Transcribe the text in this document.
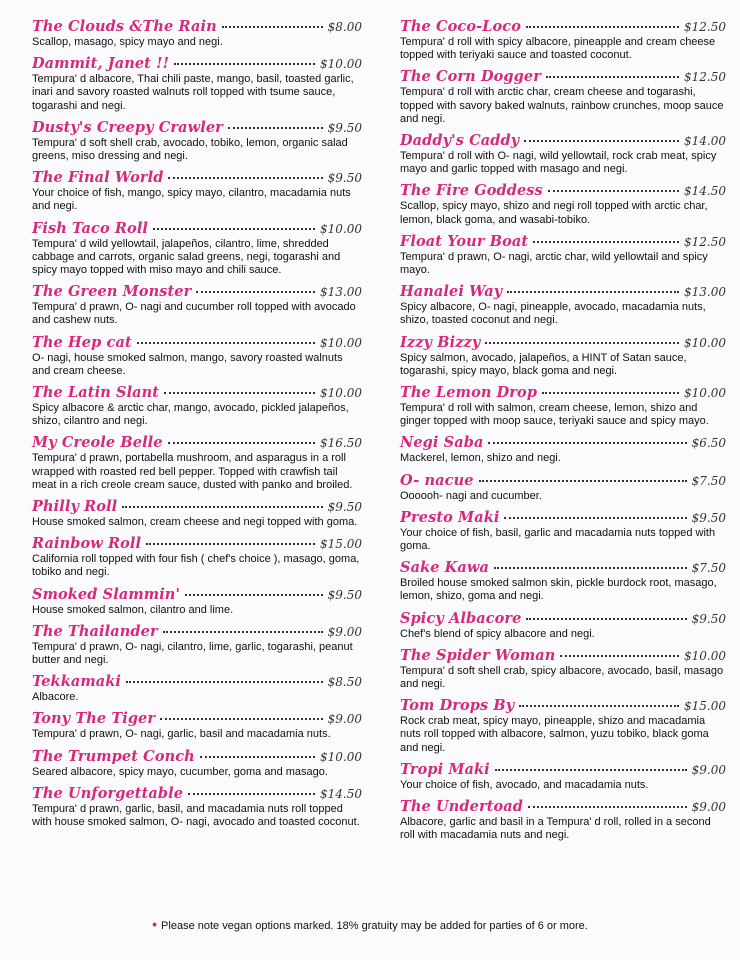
The Clouds &The Rain	$8.00
Scallop, masago, spicy mayo and negi.
Dammit, Janet !!	$10.00
Tempura' d albacore, Thai chili paste, mango, basil, toasted garlic, inari and savory roasted walnuts roll topped with tsume sauce, togarashi and negi.
Dusty's Creepy Crawler	$9.50
Tempura' d soft shell crab, avocado, tobiko, lemon, organic salad greens, miso dressing and negi.
The Final World	$9.50
Your choice of fish, mango, spicy mayo, cilantro, macadamia nuts and negi.
Fish Taco Roll	$10.00
Tempura' d wild yellowtail, jalapeños, cilantro, lime, shredded cabbage and carrots, organic salad greens, negi, togarashi and spicy mayo topped with miso mayo and chili sauce.
The Green Monster	$13.00
Tempura' d prawn, O- nagi and cucumber roll topped with avocado and cashew nuts.
The Hep cat	$10.00
O- nagi, house smoked salmon, mango, savory roasted walnuts and cream cheese.
The Latin Slant	$10.00
Spicy albacore & arctic char, mango, avocado, pickled jalapeños, shizo, cilantro and negi.
My Creole Belle	$16.50
Tempura' d prawn, portabella mushroom, and asparagus in a roll wrapped with roasted red bell pepper. Topped with crawfish tail meat in a rich creole cream sauce, dusted with panko and broiled.
Philly Roll	$9.50
House smoked salmon, cream cheese and negi topped with goma.
Rainbow Roll	$15.00
California roll topped with four fish ( chef's choice ), masago, goma, tobiko and negi.
Smoked Slammin'	$9.50
House smoked salmon, cilantro and lime.
The Thailander	$9.00
Tempura' d prawn, O- nagi, cilantro, lime, garlic, togarashi, peanut butter and negi.
Tekkamaki	$8.50
Albacore.
Tony The Tiger	$9.00
Tempura' d prawn, O- nagi, garlic, basil and macadamia nuts.
The Trumpet Conch	$10.00
Seared albacore, spicy mayo, cucumber, goma and masago.
The Unforgettable	$14.50
Tempura' d prawn, garlic, basil, and macadamia nuts roll topped with house smoked salmon, O- nagi, avocado and toasted coconut.
The Coco-Loco	$12.50
Tempura' d roll with spicy albacore, pineapple and cream cheese topped with teriyaki sauce and toasted coconut.
The Corn Dogger	$12.50
Tempura' d roll with arctic char, cream cheese and togarashi, topped with savory baked walnuts, rainbow crunches, moop sauce and negi.
Daddy's Caddy	$14.00
Tempura' d roll with O- nagi, wild yellowtail, rock crab meat, spicy mayo and garlic topped with masago and negi.
The Fire Goddess	$14.50
Scallop, spicy mayo, shizo and negi roll topped with arctic char, lemon, black goma, and wasabi-tobiko.
Float Your Boat	$12.50
Tempura' d prawn, O- nagi, arctic char, wild yellowtail and spicy mayo.
Hanalei Way	$13.00
Spicy albacore, O- nagi, pineapple, avocado, macadamia nuts, shizo, toasted coconut and negi.
Izzy Bizzy	$10.00
Spicy salmon, avocado, jalapeños, a HINT of Satan sauce, togarashi, spicy mayo, black goma and negi.
The Lemon Drop	$10.00
Tempura' d roll with salmon, cream cheese, lemon, shizo and ginger topped with moop sauce, teriyaki sauce and spicy mayo.
Negi Saba	$6.50
Mackerel, lemon, shizo and negi.
O- nacue	$7.50
Oooooh- nagi and cucumber.
Presto Maki	$9.50
Your choice of fish, basil, garlic and macadamia nuts topped with goma.
Sake Kawa	$7.50
Broiled house smoked salmon skin, pickle burdock root, masago, lemon, shizo, goma and negi.
Spicy Albacore	$9.50
Chef's blend of spicy albacore and negi.
The Spider Woman	$10.00
Tempura' d soft shell crab, spicy albacore, avocado, basil, masago and negi.
Tom Drops By	$15.00
Rock crab meat, spicy mayo, pineapple, shizo and macadamia nuts roll topped with albacore, salmon, yuzu tobiko, black goma and negi.
Tropi Maki	$9.00
Your choice of fish, avocado, and macadamia nuts.
The Undertoad	$9.00
Albacore, garlic and basil in a Tempura' d roll, rolled in a second roll with macadamia nuts and negi.
• Please note vegan options marked. 18% gratuity may be added for parties of 6 or more.
